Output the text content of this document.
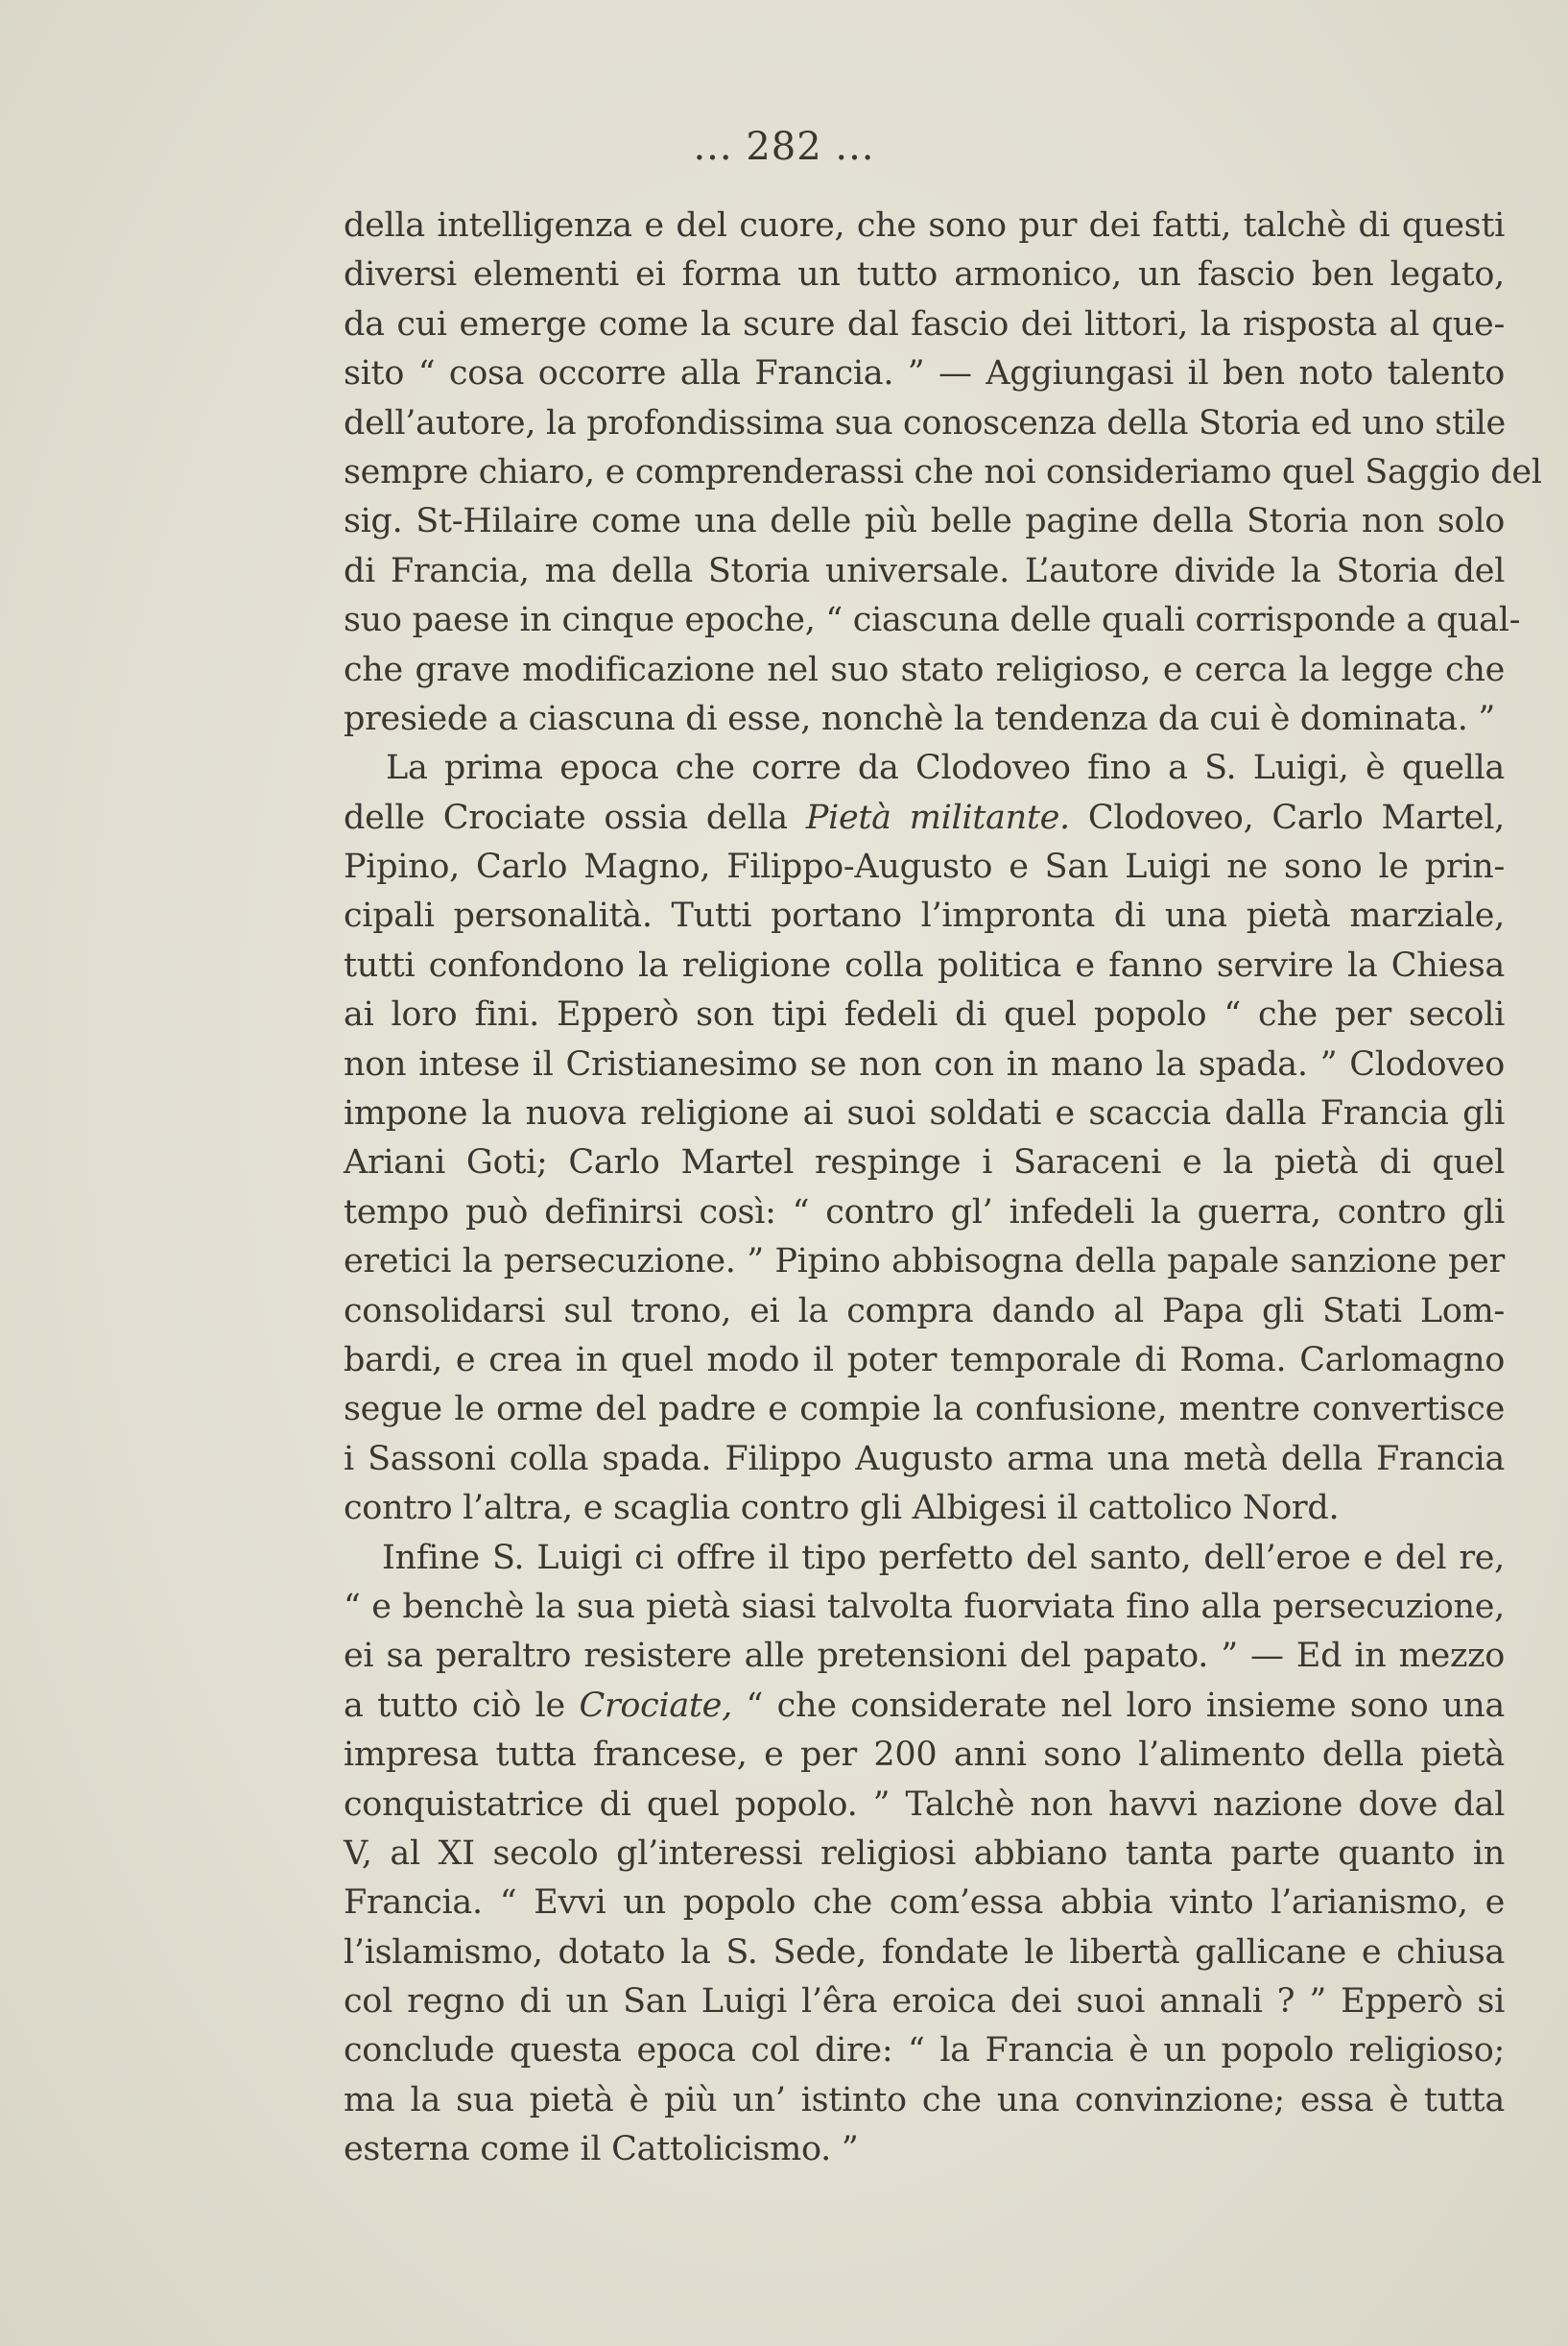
... 282 ...
della intelligenza e del cuore, che sono pur dei fatti, talchè di questi
diversi elementi ei forma un tutto armonico, un fascio ben legato,
da cui emerge come la scure dal fascio dei littori, la risposta al que-
sito “ cosa occorre alla Francia. ” — Aggiungasi il ben noto talento
dell’autore, la profondissima sua conoscenza della Storia ed uno stile
sempre chiaro, e comprenderassi che noi consideriamo quel Saggio del
sig. St-Hilaire come una delle più belle pagine della Storia non solo
di Francia, ma della Storia universale. L’autore divide la Storia del
suo paese in cinque epoche, “ ciascuna delle quali corrisponde a qual-
che grave modificazione nel suo stato religioso, e cerca la legge che
presiede a ciascuna di esse, nonchè la tendenza da cui è dominata. ”
La prima epoca che corre da Clodoveo fino a S. Luigi, è quella
delle Crociate ossia della Pietà militante. Clodoveo, Carlo Martel,
Pipino, Carlo Magno, Filippo-Augusto e San Luigi ne sono le prin-
cipali personalità. Tutti portano l’impronta di una pietà marziale,
tutti confondono la religione colla politica e fanno servire la Chiesa
ai loro fini. Epperò son tipi fedeli di quel popolo “ che per secoli
non intese il Cristianesimo se non con in mano la spada. ” Clodoveo
impone la nuova religione ai suoi soldati e scaccia dalla Francia gli
Ariani Goti; Carlo Martel respinge i Saraceni e la pietà di quel
tempo può definirsi così: “ contro gl’ infedeli la guerra, contro gli
eretici la persecuzione. ” Pipino abbisogna della papale sanzione per
consolidarsi sul trono, ei la compra dando al Papa gli Stati Lom-
bardi, e crea in quel modo il poter temporale di Roma. Carlomagno
segue le orme del padre e compie la confusione, mentre convertisce
i Sassoni colla spada. Filippo Augusto arma una metà della Francia
contro l’altra, e scaglia contro gli Albigesi il cattolico Nord.
Infine S. Luigi ci offre il tipo perfetto del santo, dell’eroe e del re,
“ e benchè la sua pietà siasi talvolta fuorviata fino alla persecuzione,
ei sa peraltro resistere alle pretensioni del papato. ” — Ed in mezzo
a tutto ciò le Crociate, “ che considerate nel loro insieme sono una
impresa tutta francese, e per 200 anni sono l’alimento della pietà
conquistatrice di quel popolo. ” Talchè non havvi nazione dove dal
V, al XI secolo gl’interessi religiosi abbiano tanta parte quanto in
Francia. “ Evvi un popolo che com’essa abbia vinto l’arianismo, e
l’islamismo, dotato la S. Sede, fondate le libertà gallicane e chiusa
col regno di un San Luigi l’êra eroica dei suoi annali ? ” Epperò si
conclude questa epoca col dire: “ la Francia è un popolo religioso;
ma la sua pietà è più un’ istinto che una convinzione; essa è tutta
esterna come il Cattolicismo. ”
